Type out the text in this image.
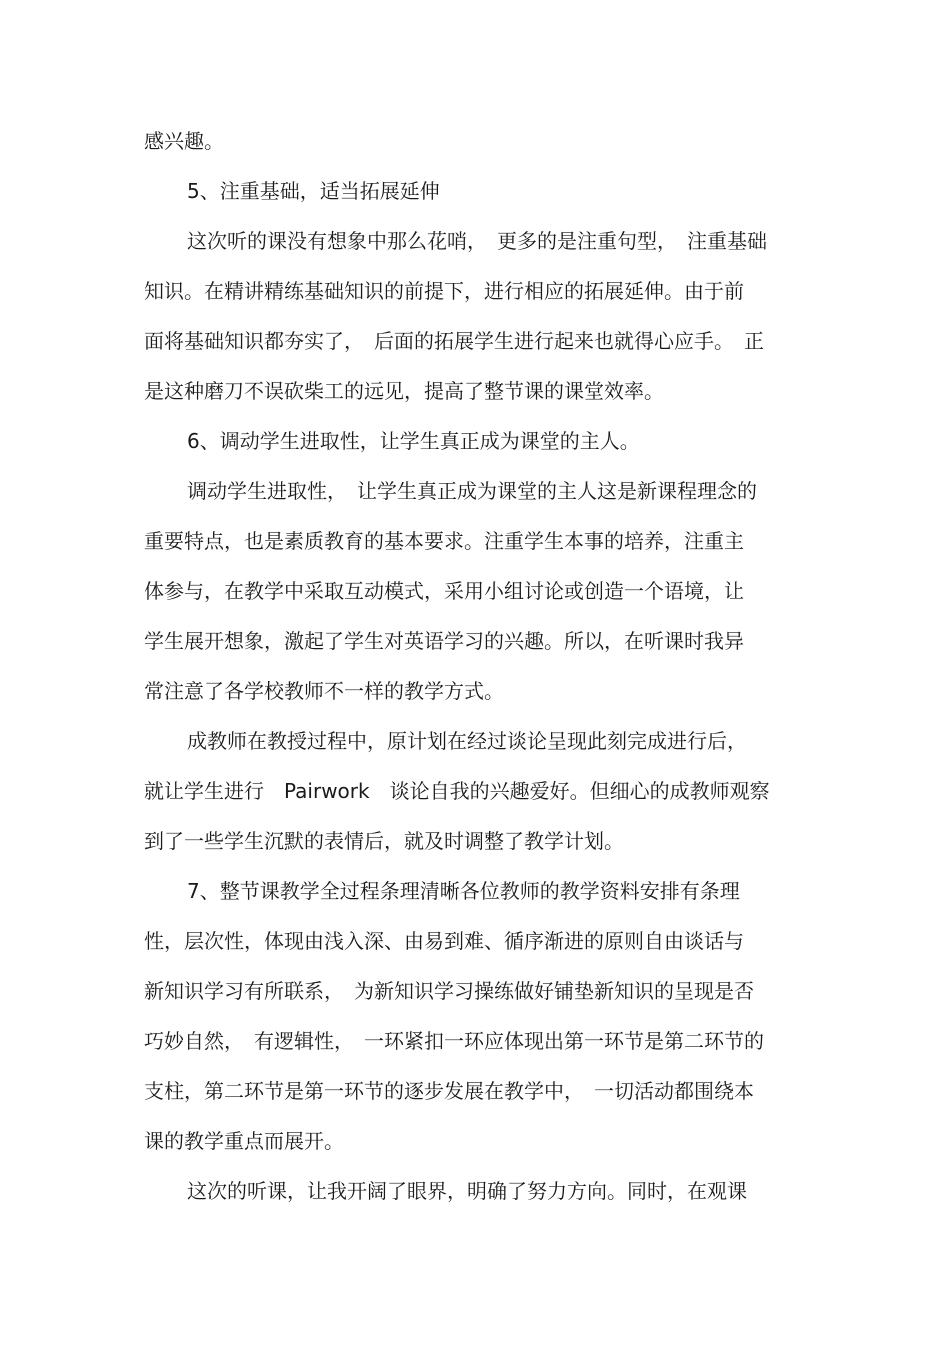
感兴趣。
5、注重基础，适当拓展延伸
这次听的课没有想象中那么花哨，　更多的是注重句型，　注重基础
知识。在精讲精练基础知识的前提下，进行相应的拓展延伸。由于前
面将基础知识都夯实了，　后面的拓展学生进行起来也就得心应手。　正
是这种磨刀不误砍柴工的远见，提高了整节课的课堂效率。
6、调动学生进取性，让学生真正成为课堂的主人。
调动学生进取性，　让学生真正成为课堂的主人这是新课程理念的
重要特点，也是素质教育的基本要求。注重学生本事的培养，注重主
体参与，在教学中采取互动模式，采用小组讨论或创造一个语境，让
学生展开想象，激起了学生对英语学习的兴趣。所以，在听课时我异
常注意了各学校教师不一样的教学方式。
成教师在教授过程中，原计划在经过谈论呈现此刻完成进行后，
就让学生进行　Pairwork　谈论自我的兴趣爱好。但细心的成教师观察
到了一些学生沉默的表情后，就及时调整了教学计划。
7、整节课教学全过程条理清晰各位教师的教学资料安排有条理
性，层次性，体现由浅入深、由易到难、循序渐进的原则自由谈话与
新知识学习有所联系，　为新知识学习操练做好铺垫新知识的呈现是否
巧妙自然，　有逻辑性，　一环紧扣一环应体现出第一环节是第二环节的
支柱，第二环节是第一环节的逐步发展在教学中，　一切活动都围绕本
课的教学重点而展开。
这次的听课，让我开阔了眼界，明确了努力方向。同时，在观课
